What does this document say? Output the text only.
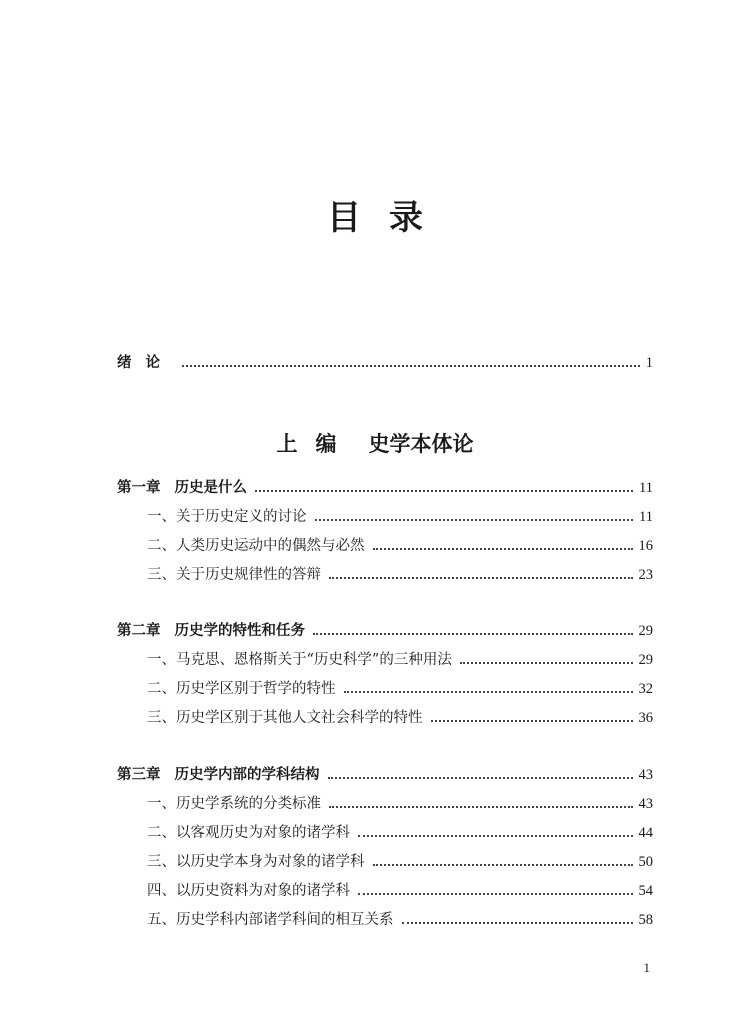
目录
绪论	1
上编 史学本体论
第一章 历史是什么	11
一、关于历史定义的讨论	11
二、人类历史运动中的偶然与必然	16
三、关于历史规律性的答辩	23
第二章 历史学的特性和任务	29
一、马克思、恩格斯关于“历史科学”的三种用法	29
二、历史学区别于哲学的特性	32
三、历史学区别于其他人文社会科学的特性	36
第三章 历史学内部的学科结构	43
一、历史学系统的分类标准	43
二、以客观历史为对象的诸学科	44
三、以历史学本身为对象的诸学科	50
四、以历史资料为对象的诸学科	54
五、历史学科内部诸学科间的相互关系	58
1
